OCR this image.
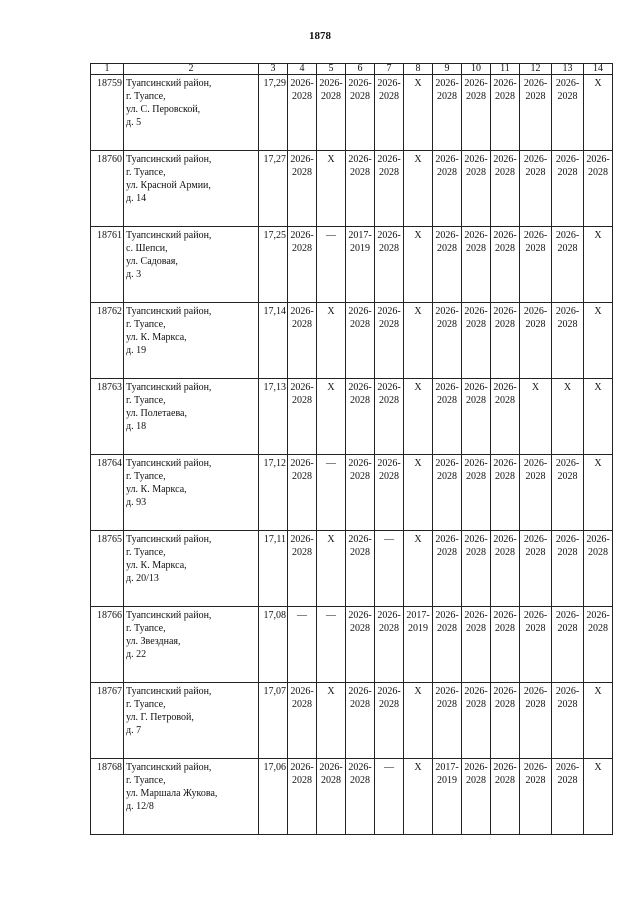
1878
1	2	3	4	5	6	7	8	9	10	11	12	13	14
18759	Туапсинский район,
г. Туапсе,
ул. С. Перовской,
д. 5	17,29	2026-
2028	2026-
2028	2026-
2028	2026-
2028	Х	2026-
2028	2026-
2028	2026-
2028	2026-
2028	2026-
2028	Х

18760	Туапсинский район,
г. Туапсе,
ул. Красной Армии,
д. 14	17,27	2026-
2028	Х	2026-
2028	2026-
2028	Х	2026-
2028	2026-
2028	2026-
2028	2026-
2028	2026-
2028	2026-
2028

18761	Туапсинский район,
с. Шепси,
ул. Садовая,
д. 3	17,25	2026-
2028	—	2017-
2019	2026-
2028	Х	2026-
2028	2026-
2028	2026-
2028	2026-
2028	2026-
2028	Х

18762	Туапсинский район,
г. Туапсе,
ул. К. Маркса,
д. 19	17,14	2026-
2028	Х	2026-
2028	2026-
2028	Х	2026-
2028	2026-
2028	2026-
2028	2026-
2028	2026-
2028	Х

18763	Туапсинский район,
г. Туапсе,
ул. Полетаева,
д. 18	17,13	2026-
2028	Х	2026-
2028	2026-
2028	Х	2026-
2028	2026-
2028	2026-
2028	Х	Х	Х

18764	Туапсинский район,
г. Туапсе,
ул. К. Маркса,
д. 93	17,12	2026-
2028	—	2026-
2028	2026-
2028	Х	2026-
2028	2026-
2028	2026-
2028	2026-
2028	2026-
2028	Х

18765	Туапсинский район,
г. Туапсе,
ул. К. Маркса,
д. 20/13	17,11	2026-
2028	Х	2026-
2028	—	Х	2026-
2028	2026-
2028	2026-
2028	2026-
2028	2026-
2028	2026-
2028

18766	Туапсинский район,
г. Туапсе,
ул. Звездная,
д. 22	17,08	—	—	2026-
2028	2026-
2028	2017-
2019	2026-
2028	2026-
2028	2026-
2028	2026-
2028	2026-
2028	2026-
2028

18767	Туапсинский район,
г. Туапсе,
ул. Г. Петровой,
д. 7	17,07	2026-
2028	Х	2026-
2028	2026-
2028	Х	2026-
2028	2026-
2028	2026-
2028	2026-
2028	2026-
2028	Х

18768	Туапсинский район,
г. Туапсе,
ул. Маршала Жукова,
д. 12/8	17,06	2026-
2028	2026-
2028	2026-
2028	—	Х	2017-
2019	2026-
2028	2026-
2028	2026-
2028	2026-
2028	Х
